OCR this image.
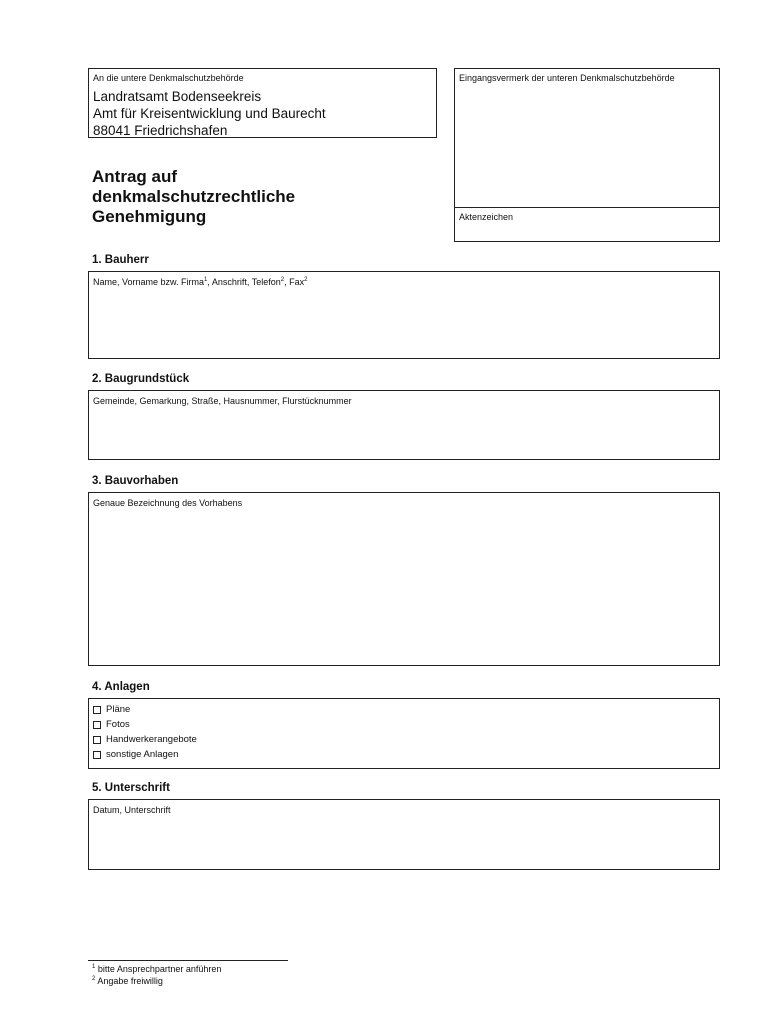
An die untere Denkmalschutzbehörde
Landratsamt Bodenseekreis
Amt für Kreisentwicklung und Baurecht
88041 Friedrichshafen
Eingangsvermerk der unteren Denkmalschutzbehörde
Aktenzeichen
Antrag auf
denkmalschutzrechtliche
Genehmigung
1. Bauherr
Name, Vorname bzw. Firma$^1$, Anschrift, Telefon$^2$, Fax$^2$
2. Baugrundstück
Gemeinde, Gemarkung, Straße, Hausnummer, Flurstücknummer
3. Bauvorhaben
Genaue Bezeichnung des Vorhabens
4. Anlagen
Pläne
Fotos
Handwerkerangebote
sonstige Anlagen
5. Unterschrift
Datum, Unterschrift
$^1$ bitte Ansprechpartner anführen
$^2$ Angabe freiwillig
